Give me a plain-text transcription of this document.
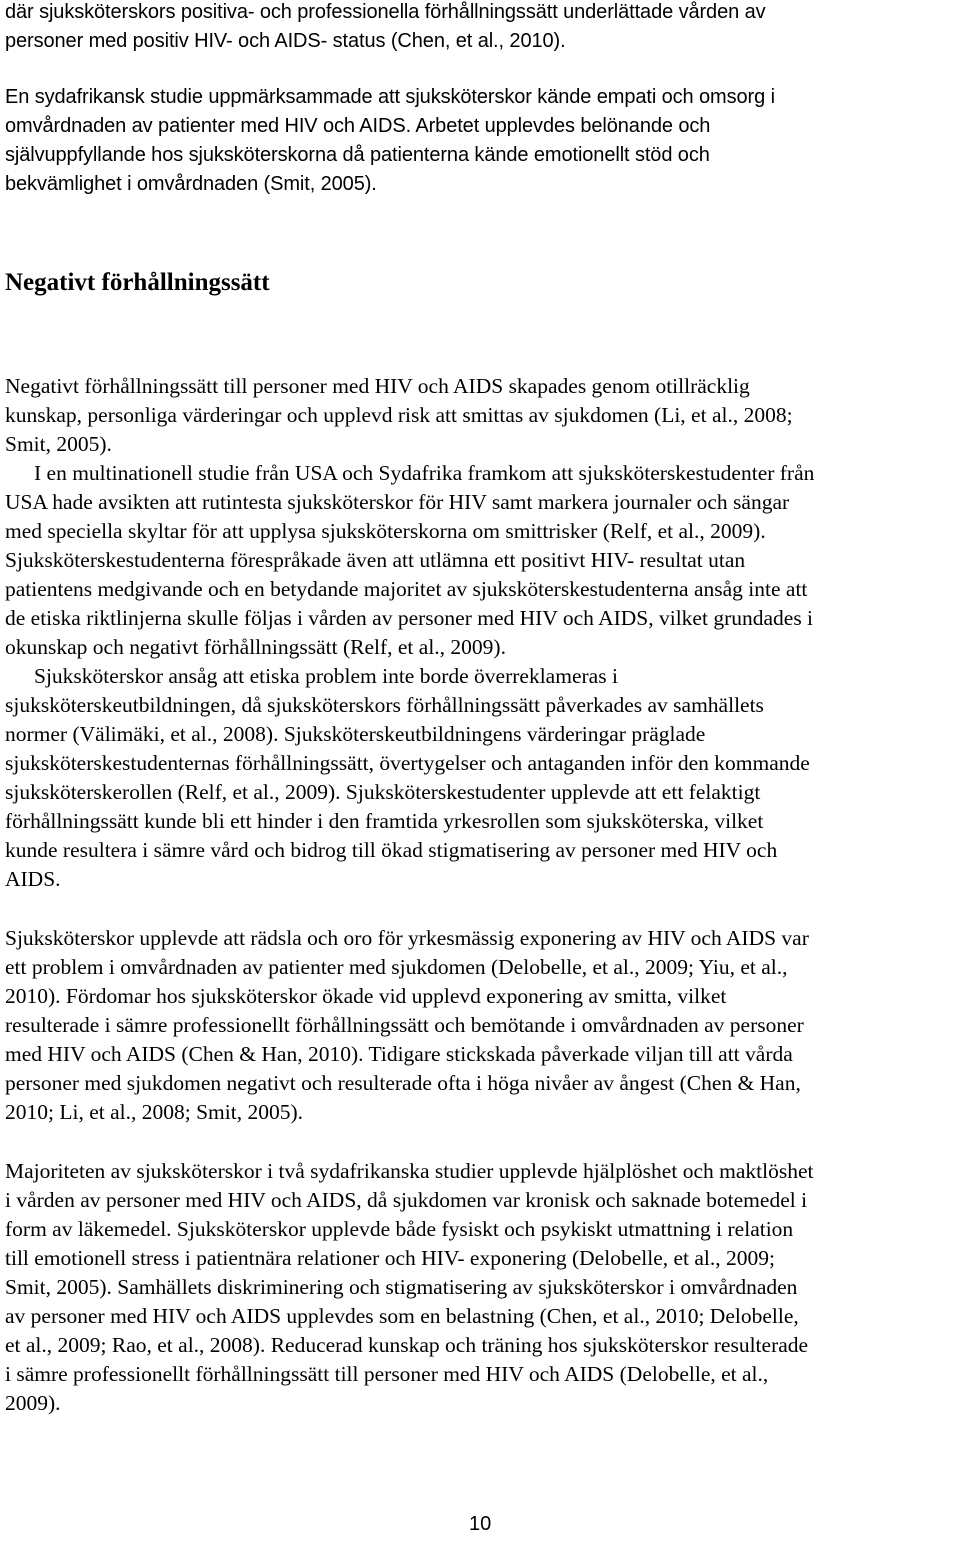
där sjuksköterskors positiva- och professionella förhållningssätt underlättade vården av
personer med positiv HIV- och AIDS- status (Chen, et al., 2010).
En sydafrikansk studie uppmärksammade att sjuksköterskor kände empati och omsorg i
omvårdnaden av patienter med HIV och AIDS. Arbetet upplevdes belönande och
självuppfyllande hos sjuksköterskorna då patienterna kände emotionellt stöd och
bekvämlighet i omvårdnaden (Smit, 2005).
Negativt förhållningssätt
Negativt förhållningssätt till personer med HIV och AIDS skapades genom otillräcklig
kunskap, personliga värderingar och upplevd risk att smittas av sjukdomen (Li, et al., 2008;
Smit, 2005).
I en multinationell studie från USA och Sydafrika framkom att sjuksköterskestudenter från
USA hade avsikten att rutintesta sjuksköterskor för HIV samt markera journaler och sängar
med speciella skyltar för att upplysa sjuksköterskorna om smittrisker (Relf, et al., 2009).
Sjuksköterskestudenterna förespråkade även att utlämna ett positivt HIV- resultat utan
patientens medgivande och en betydande majoritet av sjuksköterskestudenterna ansåg inte att
de etiska riktlinjerna skulle följas i vården av personer med HIV och AIDS, vilket grundades i
okunskap och negativt förhållningssätt (Relf, et al., 2009).
Sjuksköterskor ansåg att etiska problem inte borde överreklameras i
sjuksköterskeutbildningen, då sjuksköterskors förhållningssätt påverkades av samhällets
normer (Välimäki, et al., 2008). Sjuksköterskeutbildningens värderingar präglade
sjuksköterskestudenternas förhållningssätt, övertygelser och antaganden inför den kommande
sjuksköterskerollen (Relf, et al., 2009). Sjuksköterskestudenter upplevde att ett felaktigt
förhållningssätt kunde bli ett hinder i den framtida yrkesrollen som sjuksköterska, vilket
kunde resultera i sämre vård och bidrog till ökad stigmatisering av personer med HIV och
AIDS.
Sjuksköterskor upplevde att rädsla och oro för yrkesmässig exponering av HIV och AIDS var
ett problem i omvårdnaden av patienter med sjukdomen (Delobelle, et al., 2009; Yiu, et al.,
2010). Fördomar hos sjuksköterskor ökade vid upplevd exponering av smitta, vilket
resulterade i sämre professionellt förhållningssätt och bemötande i omvårdnaden av personer
med HIV och AIDS (Chen & Han, 2010). Tidigare stickskada påverkade viljan till att vårda
personer med sjukdomen negativt och resulterade ofta i höga nivåer av ångest (Chen & Han,
2010; Li, et al., 2008; Smit, 2005).
Majoriteten av sjuksköterskor i två sydafrikanska studier upplevde hjälplöshet och maktlöshet
i vården av personer med HIV och AIDS, då sjukdomen var kronisk och saknade botemedel i
form av läkemedel. Sjuksköterskor upplevde både fysiskt och psykiskt utmattning i relation
till emotionell stress i patientnära relationer och HIV- exponering (Delobelle, et al., 2009;
Smit, 2005). Samhällets diskriminering och stigmatisering av sjuksköterskor i omvårdnaden
av personer med HIV och AIDS upplevdes som en belastning (Chen, et al., 2010; Delobelle,
et al., 2009; Rao, et al., 2008). Reducerad kunskap och träning hos sjuksköterskor resulterade
i sämre professionellt förhållningssätt till personer med HIV och AIDS (Delobelle, et al.,
2009).
10
